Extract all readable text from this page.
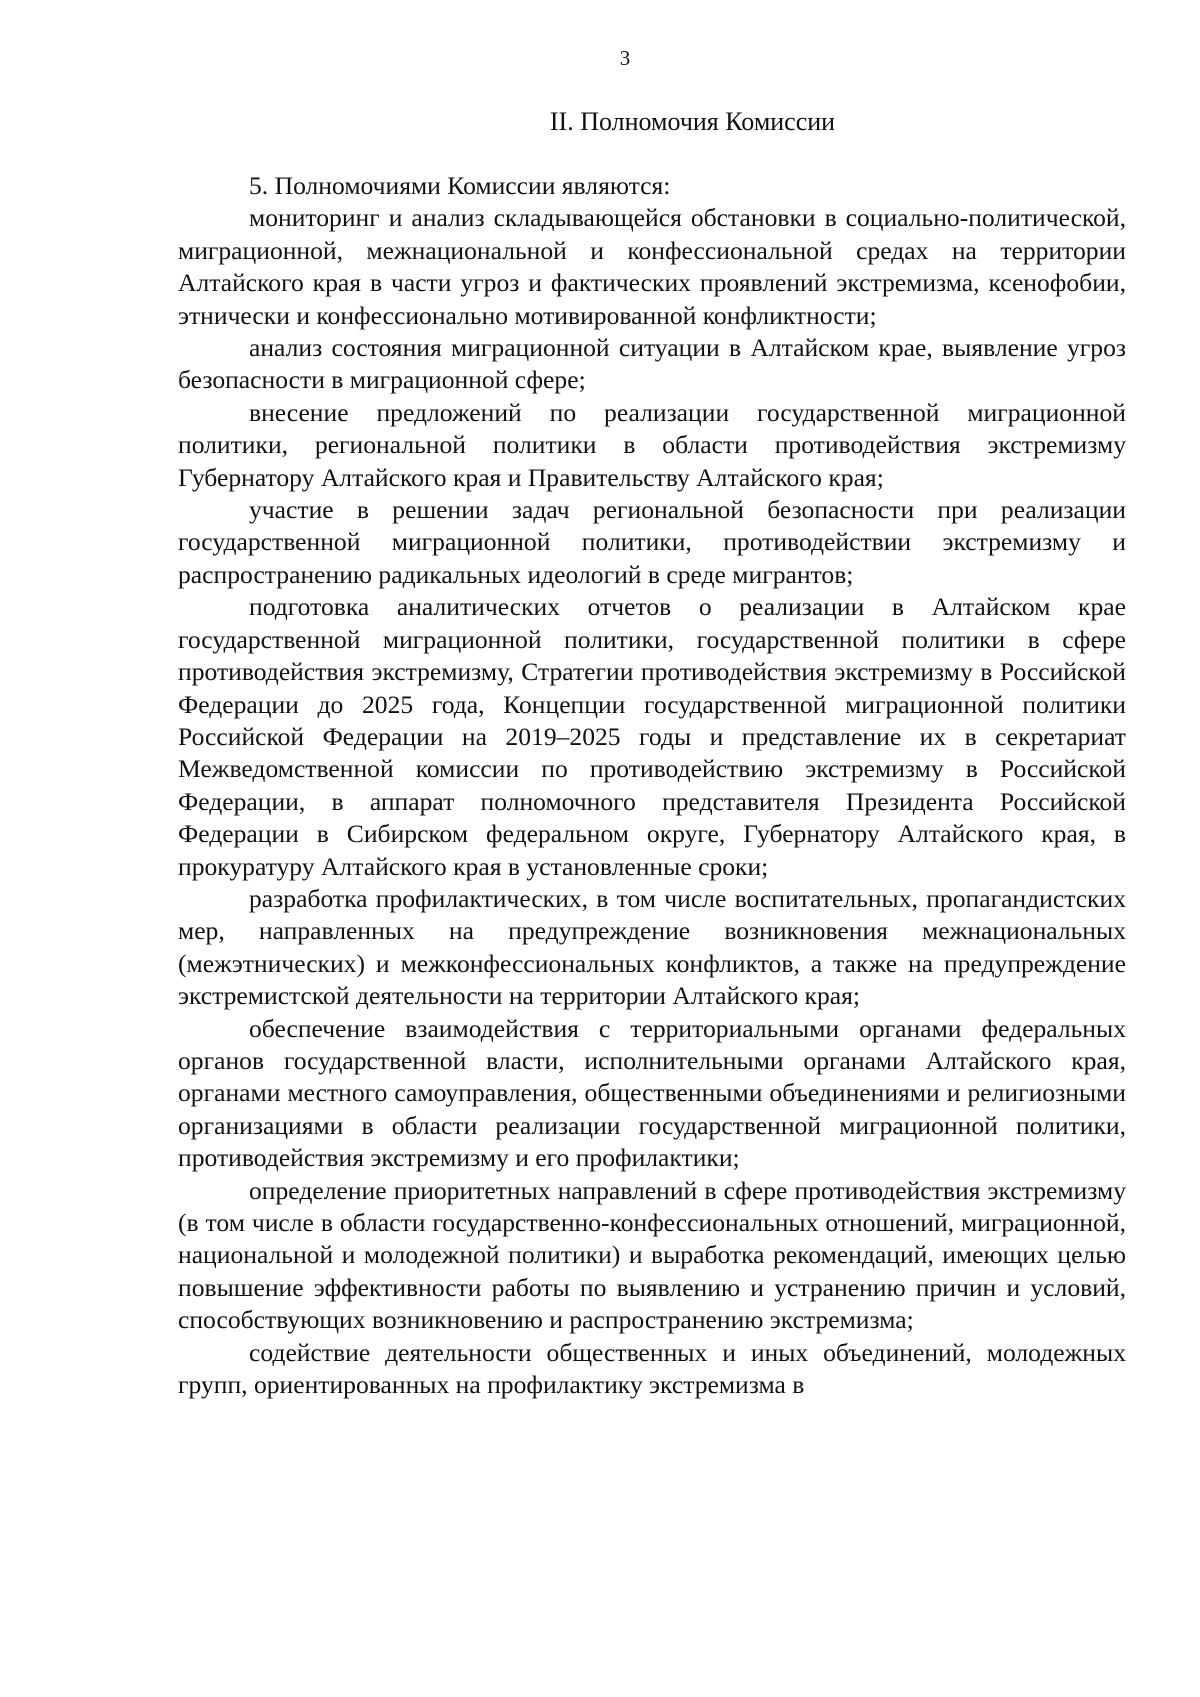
3
II. Полномочия Комиссии

5. Полномочиями Комиссии являются:

мониторинг и анализ складывающейся обстановки в социально-политической, миграционной, межнациональной и конфессиональной средах на территории Алтайского края в части угроз и фактических проявлений экстремизма, ксенофобии, этнически и конфессионально мотивированной конфликтности;

анализ состояния миграционной ситуации в Алтайском крае, выявление угроз безопасности в миграционной сфере;

внесение предложений по реализации государственной миграционной политики, региональной политики в области противодействия экстремизму Губернатору Алтайского края и Правительству Алтайского края;

участие в решении задач региональной безопасности при реализации государственной миграционной политики, противодействии экстремизму и распространению радикальных идеологий в среде мигрантов;

подготовка аналитических отчетов о реализации в Алтайском крае государственной миграционной политики, государственной политики в сфере противодействия экстремизму, Стратегии противодействия экстремизму в Российской Федерации до 2025 года, Концепции государственной миграционной политики Российской Федерации на 2019–2025 годы и представление их в секретариат Межведомственной комиссии по противодействию экстремизму в Российской Федерации, в аппарат полномочного представителя Президента Российской Федерации в Сибирском федеральном округе, Губернатору Алтайского края, в прокуратуру Алтайского края в установленные сроки;

разработка профилактических, в том числе воспитательных, пропагандистских мер, направленных на предупреждение возникновения межнациональных (межэтнических) и межконфессиональных конфликтов, а также на предупреждение экстремистской деятельности на территории Алтайского края;

обеспечение взаимодействия с территориальными органами федеральных органов государственной власти, исполнительными органами Алтайского края, органами местного самоуправления, общественными объединениями и религиозными организациями в области реализации государственной миграционной политики, противодействия экстремизму и его профилактики;

определение приоритетных направлений в сфере противодействия экстремизму (в том числе в области государственно-конфессиональных отношений, миграционной, национальной и молодежной политики) и выработка рекомендаций, имеющих целью повышение эффективности работы по выявлению и устранению причин и условий, способствующих возникновению и распространению экстремизма;

содействие деятельности общественных и иных объединений, молодежных групп, ориентированных на профилактику экстремизма в
